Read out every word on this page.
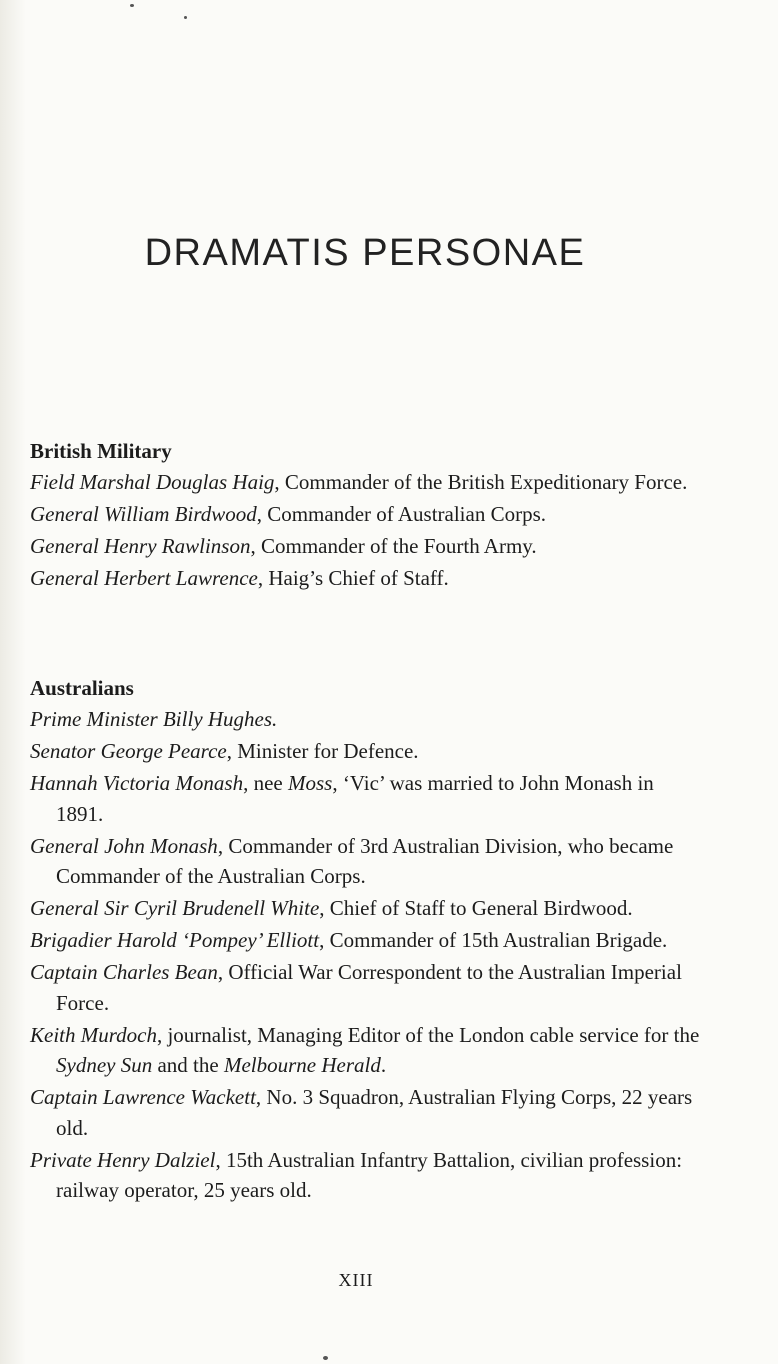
DRAMATIS PERSONAE

British Military

Field Marshal Douglas Haig, Commander of the British Expeditionary Force.

General William Birdwood, Commander of Australian Corps.

General Henry Rawlinson, Commander of the Fourth Army.

General Herbert Lawrence, Haig’s Chief of Staff.

Australians

Prime Minister Billy Hughes.

Senator George Pearce, Minister for Defence.

Hannah Victoria Monash, nee Moss, ‘Vic’ was married to John Monash in 1891.

General John Monash, Commander of 3rd Australian Division, who became Commander of the Australian Corps.

General Sir Cyril Brudenell White, Chief of Staff to General Birdwood.

Brigadier Harold ‘Pompey’ Elliott, Commander of 15th Australian Brigade.

Captain Charles Bean, Official War Correspondent to the Australian Imperial Force.

Keith Murdoch, journalist, Managing Editor of the London cable service for the Sydney Sun and the Melbourne Herald.

Captain Lawrence Wackett, No. 3 Squadron, Australian Flying Corps, 22 years old.

Private Henry Dalziel, 15th Australian Infantry Battalion, civilian profession: railway operator, 25 years old.

XIII
